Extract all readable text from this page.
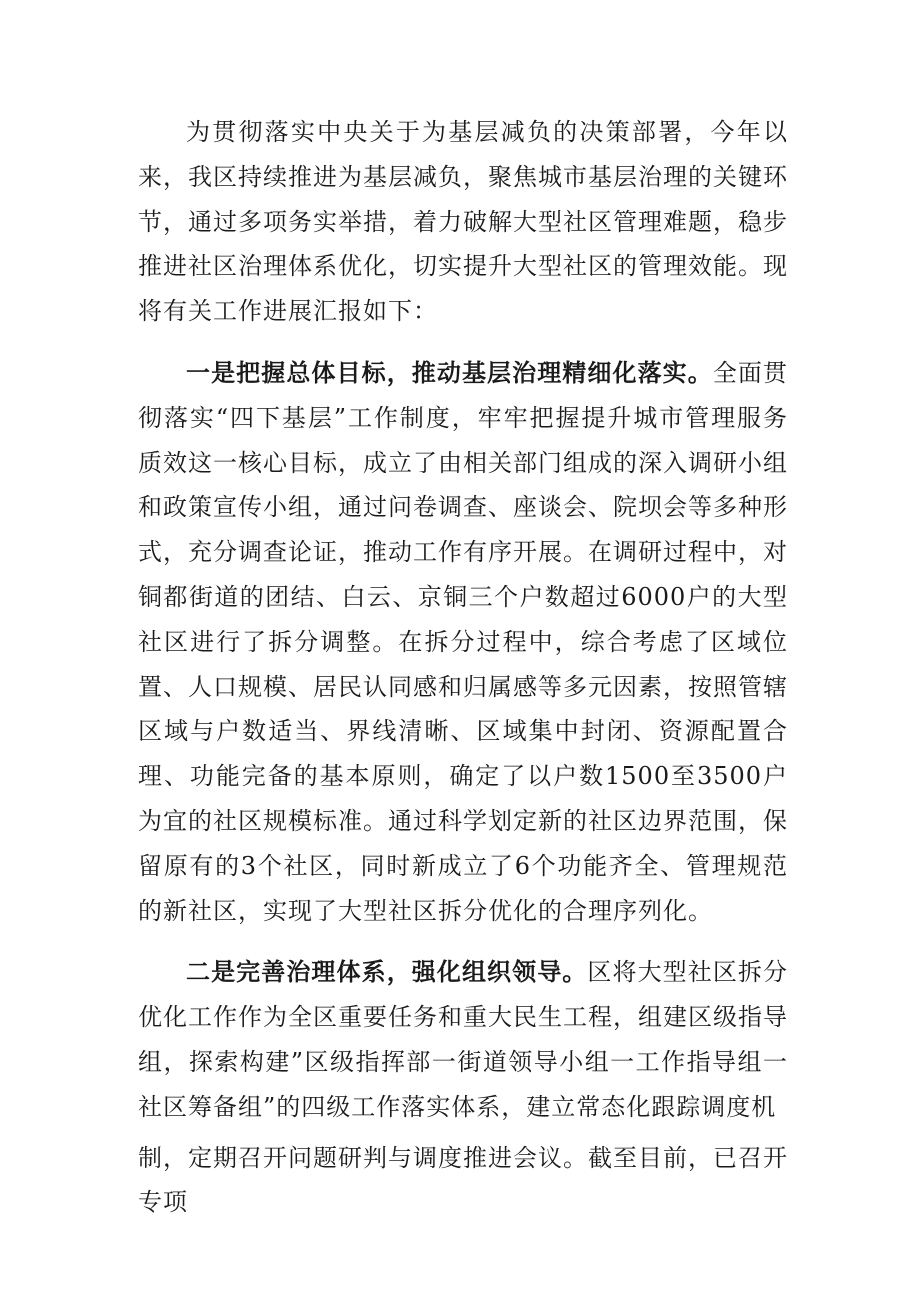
为贯彻落实中央关于为基层减负的决策部署，今年以来，我区持续推进为基层减负，聚焦城市基层治理的关键环节，通过多项务实举措，着力破解大型社区管理难题，稳步推进社区治理体系优化，切实提升大型社区的管理效能。现将有关工作进展汇报如下：

一是把握总体目标，推动基层治理精细化落实。全面贯彻落实“四下基层”工作制度，牢牢把握提升城市管理服务质效这一核心目标，成立了由相关部门组成的深入调研小组和政策宣传小组，通过问卷调查、座谈会、院坝会等多种形式，充分调查论证，推动工作有序开展。在调研过程中，对铜都街道的团结、白云、京铜三个户数超过6000户的大型社区进行了拆分调整。在拆分过程中，综合考虑了区域位置、人口规模、居民认同感和归属感等多元因素，按照管辖区域与户数适当、界线清晰、区域集中封闭、资源配置合理、功能完备的基本原则，确定了以户数1500至3500户为宜的社区规模标准。通过科学划定新的社区边界范围，保留原有的3个社区，同时新成立了6个功能齐全、管理规范的新社区，实现了大型社区拆分优化的合理序列化。

二是完善治理体系，强化组织领导。区将大型社区拆分优化工作作为全区重要任务和重大民生工程，组建区级指导组，探索构建”区级指挥部一街道领导小组一工作指导组一社区筹备组”的四级工作落实体系，建立常态化跟踪调度机

制，定期召开问题研判与调度推进会议。截至目前，已召开专项
